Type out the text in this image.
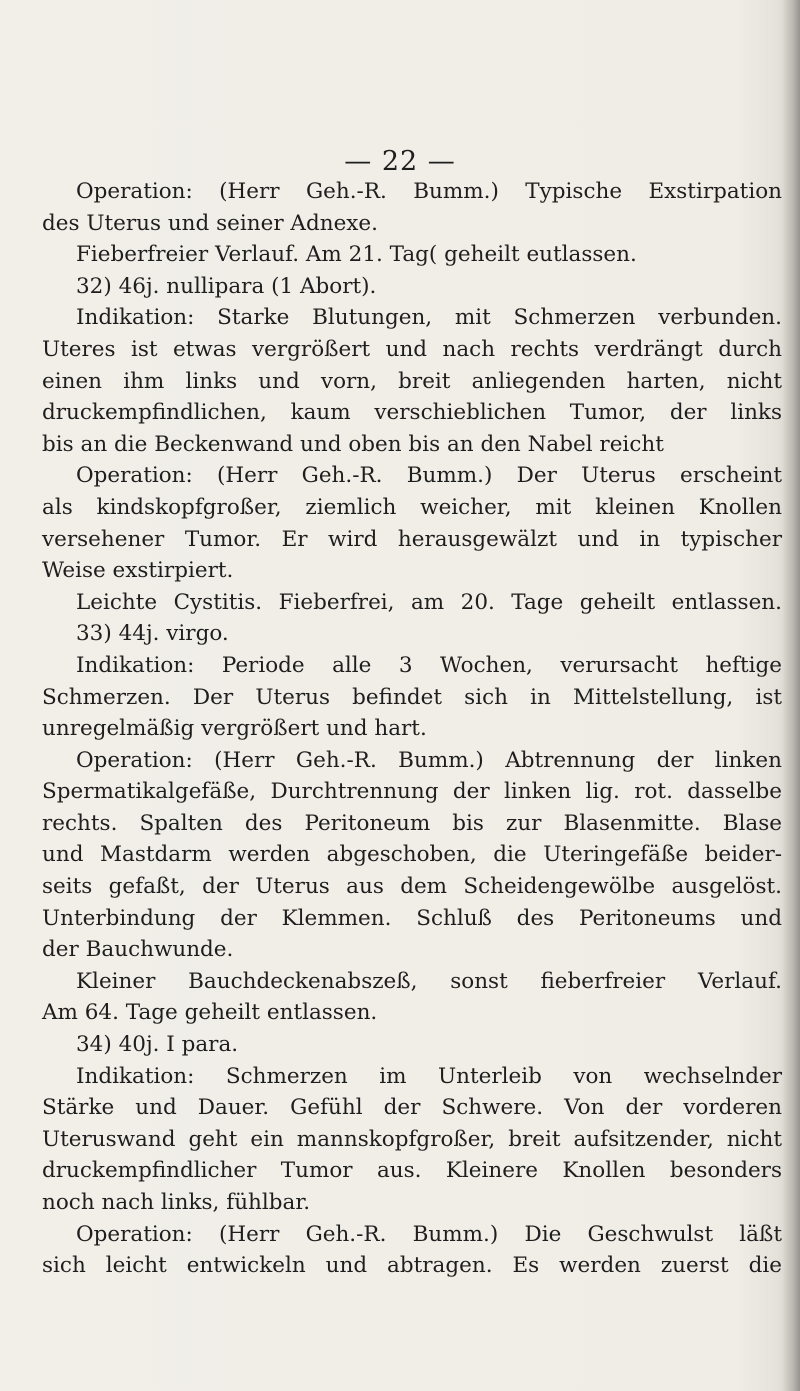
— 22 —
Operation: (Herr Geh.-R. Bumm.) Typische Exstirpation
des Uterus und seiner Adnexe.
Fieberfreier Verlauf. Am 21. Tag( geheilt eutlassen.
32) 46j. nullipara (1 Abort).
Indikation: Starke Blutungen, mit Schmerzen verbunden.
Uteres ist etwas vergrößert und nach rechts verdrängt durch
einen ihm links und vorn, breit anliegenden harten, nicht
druckempfindlichen, kaum verschieblichen Tumor, der links
bis an die Beckenwand und oben bis an den Nabel reicht
Operation: (Herr Geh.-R. Bumm.) Der Uterus erscheint
als kindskopfgroßer, ziemlich weicher, mit kleinen Knollen
versehener Tumor. Er wird herausgewälzt und in typischer
Weise exstirpiert.
Leichte Cystitis. Fieberfrei, am 20. Tage geheilt entlassen.
33) 44j. virgo.
Indikation: Periode alle 3 Wochen, verursacht heftige
Schmerzen. Der Uterus befindet sich in Mittelstellung, ist
unregelmäßig vergrößert und hart.
Operation: (Herr Geh.-R. Bumm.) Abtrennung der linken
Spermatikalgefäße, Durchtrennung der linken lig. rot. dasselbe
rechts. Spalten des Peritoneum bis zur Blasenmitte. Blase
und Mastdarm werden abgeschoben, die Uteringefäße beider-
seits gefaßt, der Uterus aus dem Scheidengewölbe ausgelöst.
Unterbindung der Klemmen. Schluß des Peritoneums und
der Bauchwunde.
Kleiner Bauchdeckenabszeß, sonst fieberfreier Verlauf.
Am 64. Tage geheilt entlassen.
34) 40j. I para.
Indikation: Schmerzen im Unterleib von wechselnder
Stärke und Dauer. Gefühl der Schwere. Von der vorderen
Uteruswand geht ein mannskopfgroßer, breit aufsitzender, nicht
druckempfindlicher Tumor aus. Kleinere Knollen besonders
noch nach links, fühlbar.
Operation: (Herr Geh.-R. Bumm.) Die Geschwulst läßt
sich leicht entwickeln und abtragen. Es werden zuerst die
